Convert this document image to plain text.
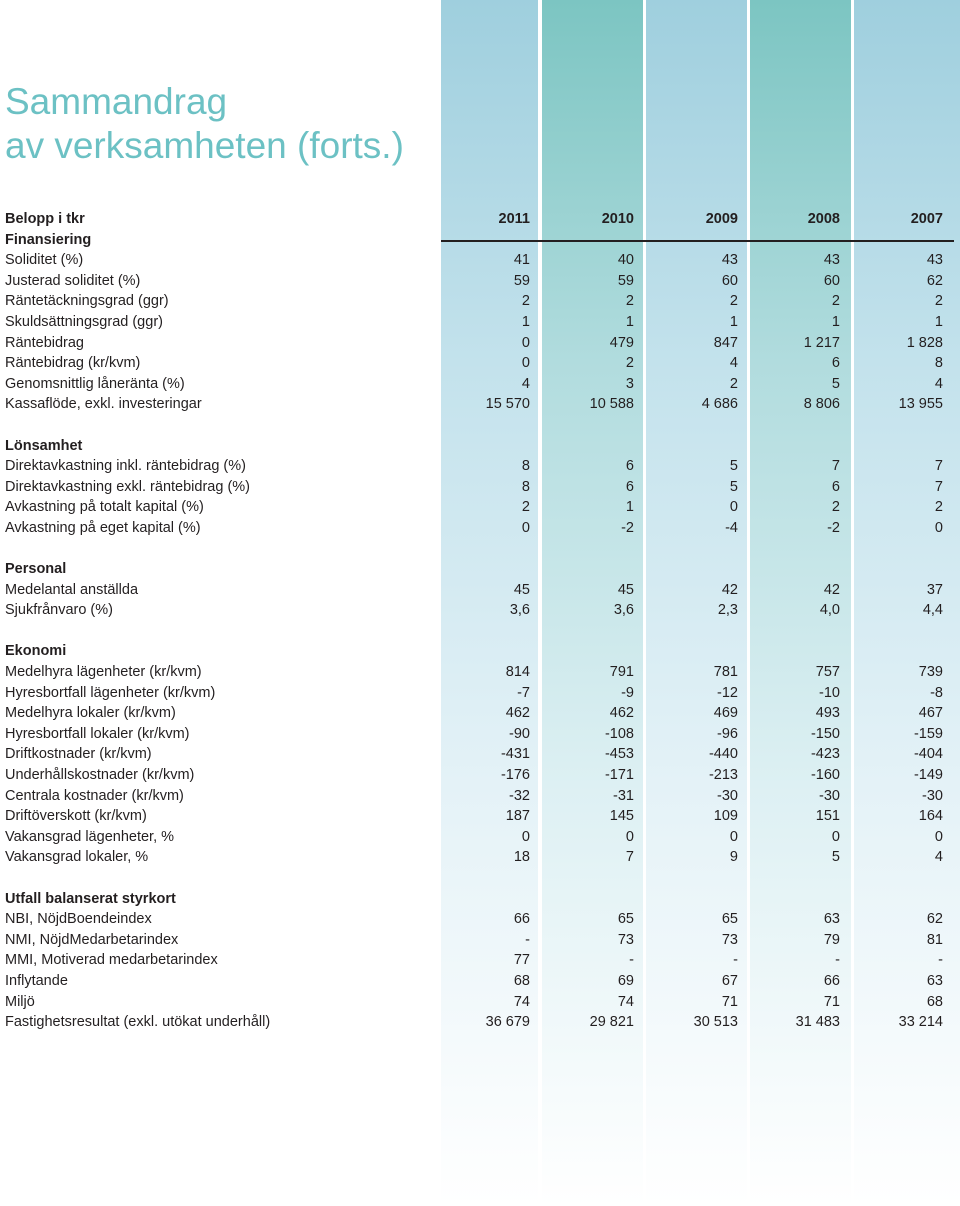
Sammandrag
av verksamheten (forts.)
Belopp i tkr	2011	2010	2009	2008	2007
Finansiering
Soliditet (%)	41	40	43	43	43
Justerad soliditet (%)	59	59	60	60	62
Räntetäckningsgrad (ggr)	2	2	2	2	2
Skuldsättningsgrad (ggr)	1	1	1	1	1
Räntebidrag	0	479	847	1 217	1 828
Räntebidrag (kr/kvm)	0	2	4	6	8
Genomsnittlig låneränta (%)	4	3	2	5	4
Kassaflöde, exkl. investeringar	15 570	10 588	4 686	8 806	13 955
Lönsamhet
Direktavkastning inkl. räntebidrag (%)	8	6	5	7	7
Direktavkastning exkl. räntebidrag (%)	8	6	5	6	7
Avkastning på totalt kapital (%)	2	1	0	2	2
Avkastning på eget kapital (%)	0	-2	-4	-2	0
Personal
Medelantal anställda	45	45	42	42	37
Sjukfrånvaro (%)	3,6	3,6	2,3	4,0	4,4
Ekonomi
Medelhyra lägenheter (kr/kvm)	814	791	781	757	739
Hyresbortfall lägenheter (kr/kvm)	-7	-9	-12	-10	-8
Medelhyra lokaler (kr/kvm)	462	462	469	493	467
Hyresbortfall lokaler (kr/kvm)	-90	-108	-96	-150	-159
Driftkostnader (kr/kvm)	-431	-453	-440	-423	-404
Underhållskostnader (kr/kvm)	-176	-171	-213	-160	-149
Centrala kostnader (kr/kvm)	-32	-31	-30	-30	-30
Driftöverskott (kr/kvm)	187	145	109	151	164
Vakansgrad lägenheter, %	0	0	0	0	0
Vakansgrad lokaler, %	18	7	9	5	4
Utfall balanserat styrkort
NBI, NöjdBoendeindex	66	65	65	63	62
NMI, NöjdMedarbetarindex	-	73	73	79	81
MMI, Motiverad medarbetarindex	77	-	-	-	-
Inflytande	68	69	67	66	63
Miljö	74	74	71	71	68
Fastighetsresultat (exkl. utökat underhåll)	36 679	29 821	30 513	31 483	33 214
